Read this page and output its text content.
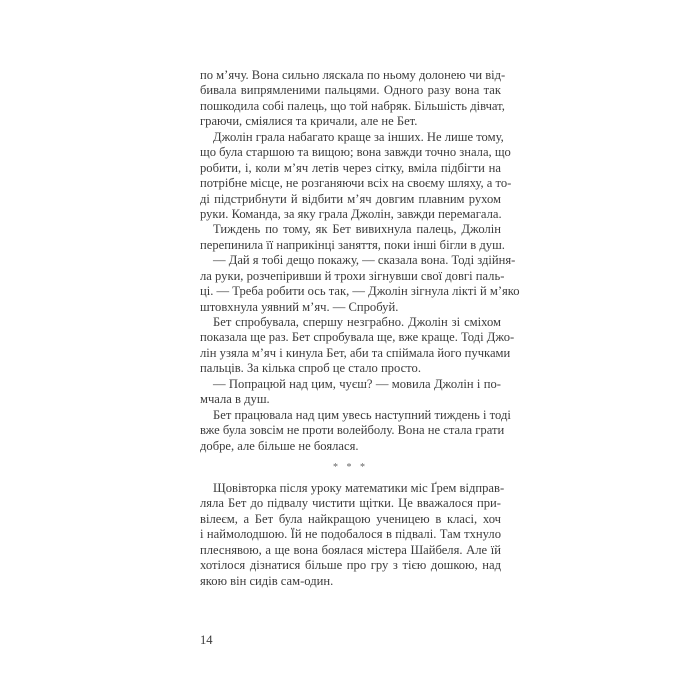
по м’ячу. Вона сильно ляскала по ньому долонею чи від-
бивала випрямленими пальцями. Одного разу вона так
пошкодила собі палець, що той набряк. Більшість дівчат,
граючи, сміялися та кричали, але не Бет.
Джолін грала набагато краще за інших. Не лише тому,
що була старшою та вищою; вона завжди точно знала, що
робити, і, коли м’яч летів через сітку, вміла підбігти на
потрібне місце, не розганяючи всіх на своєму шляху, а то-
ді підстрибнути й відбити м’яч довгим плавним рухом
руки. Команда, за яку грала Джолін, завжди перемагала.
Тиждень по тому, як Бет вивихнула палець, Джолін
перепинила її наприкінці заняття, поки інші бігли в душ.
— Дай я тобі дещо покажу, — сказала вона. Тоді здійня-
ла руки, розчепіривши й трохи зігнувши свої довгі паль-
ці. — Треба робити ось так, — Джолін зігнула лікті й м’яко
штовхнула уявний м’яч. — Спробуй.
Бет спробувала, спершу незграбно. Джолін зі сміхом
показала ще раз. Бет спробувала ще, вже краще. Тоді Джо-
лін узяла м’яч і кинула Бет, аби та спіймала його пучками
пальців. За кілька спроб це стало просто.
— Попрацюй над цим, чуєш? — мовила Джолін і по-
мчала в душ.
Бет працювала над цим увесь наступний тиждень і тоді
вже була зовсім не проти волейболу. Вона не стала грати
добре, але більше не боялася.
* * *
Щовівторка після уроку математики міс Ґрем відправ-
ляла Бет до підвалу чистити щітки. Це вважалося при-
вілеєм, а Бет була найкращою ученицею в класі, хоч
і наймолодшою. Їй не подобалося в підвалі. Там тхнуло
плеснявою, а ще вона боялася містера Шайбеля. Але їй
хотілося дізнатися більше про гру з тією дошкою, над
якою він сидів сам-один.
14
